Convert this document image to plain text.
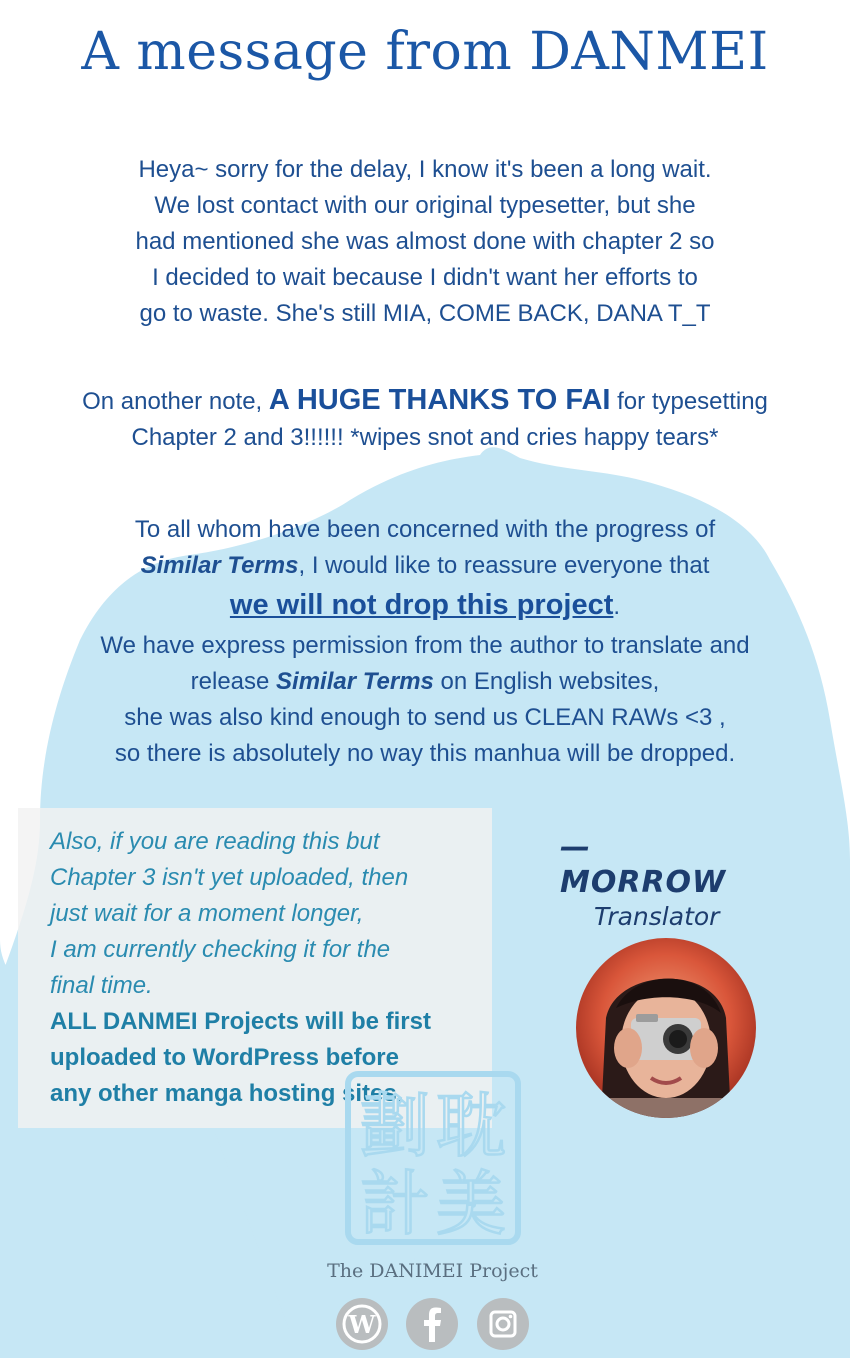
A message from DANMEI
Heya~ sorry for the delay, I know it's been a long wait.
We lost contact with our original typesetter, but she
had mentioned she was almost done with chapter 2 so
I decided to wait because I didn't want her efforts to
go to waste. She's still MIA, COME BACK, DANA T_T
On another note, A HUGE THANKS TO FAI for typesetting
Chapter 2 and 3!!!!!! *wipes snot and cries happy tears*
To all whom have been concerned with the progress of
Similar Terms, I would like to reassure everyone that
we will not drop this project.
We have express permission from the author to translate and
release Similar Terms on English websites,
she was also kind enough to send us CLEAN RAWs <3 ,
so there is absolutely no way this manhua will be dropped.
Also, if you are reading this but
Chapter 3 isn't yet uploaded, then
just wait for a moment longer,
I am currently checking it for the
final time.
ALL DANMEI Projects will be first
uploaded to WordPress before
any other manga hosting sites.
—MORROW
Translator
耽
美
劃
計
The DANIMEI Project
W
